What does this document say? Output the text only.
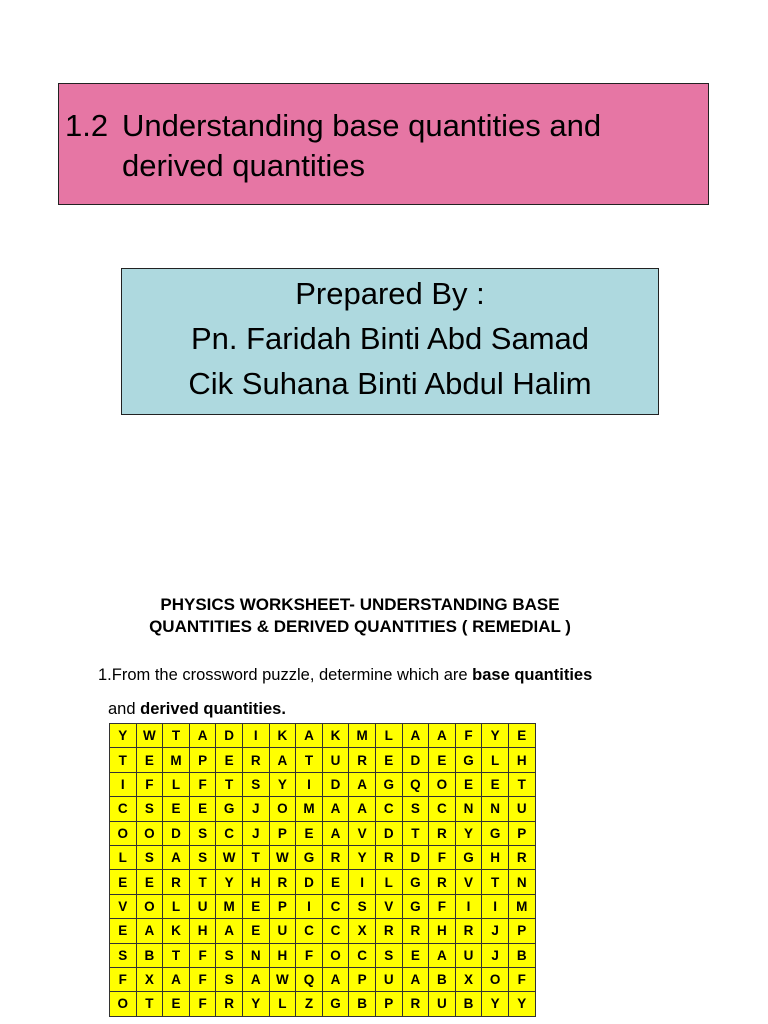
1.2 Understanding base quantities and derived quantities
Prepared By :
Pn. Faridah Binti Abd Samad
Cik Suhana Binti Abdul Halim
PHYSICS WORKSHEET- UNDERSTANDING BASE
QUANTITIES & DERIVED QUANTITIES ( REMEDIAL )
1.From the crossword puzzle, determine which are base quantities
and derived quantities.
Y	W	T	A	D	I	K	A	K	M	L	A	A	F	Y	E
T	E	M	P	E	R	A	T	U	R	E	D	E	G	L	H
I	F	L	F	T	S	Y	I	D	A	G	Q	O	E	E	T
C	S	E	E	G	J	O	M	A	A	C	S	C	N	N	U
O	O	D	S	C	J	P	E	A	V	D	T	R	Y	G	P
L	S	A	S	W	T	W	G	R	Y	R	D	F	G	H	R
E	E	R	T	Y	H	R	D	E	I	L	G	R	V	T	N
V	O	L	U	M	E	P	I	C	S	V	G	F	I	I	M
E	A	K	H	A	E	U	C	C	X	R	R	H	R	J	P
S	B	T	F	S	N	H	F	O	C	S	E	A	U	J	B
F	X	A	F	S	A	W	Q	A	P	U	A	B	X	O	F
O	T	E	F	R	Y	L	Z	G	B	P	R	U	B	Y	Y
